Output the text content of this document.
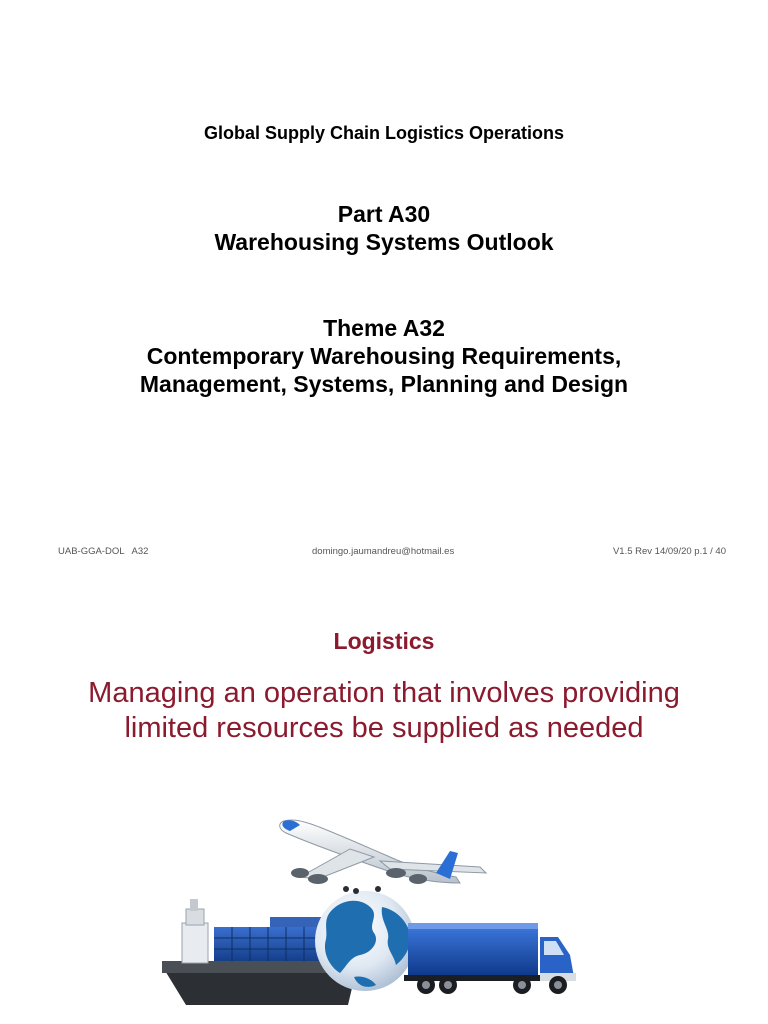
Global Supply Chain Logistics Operations
Part A30
Warehousing Systems Outlook
Theme A32
Contemporary Warehousing Requirements,
Management, Systems, Planning and Design
UAB-GGA-DOL   A32	domingo.jaumandreu@hotmail.es	V1.5 Rev 14/09/20 p.1 / 40
Logistics
Managing an operation that involves providing
limited resources be supplied as needed
